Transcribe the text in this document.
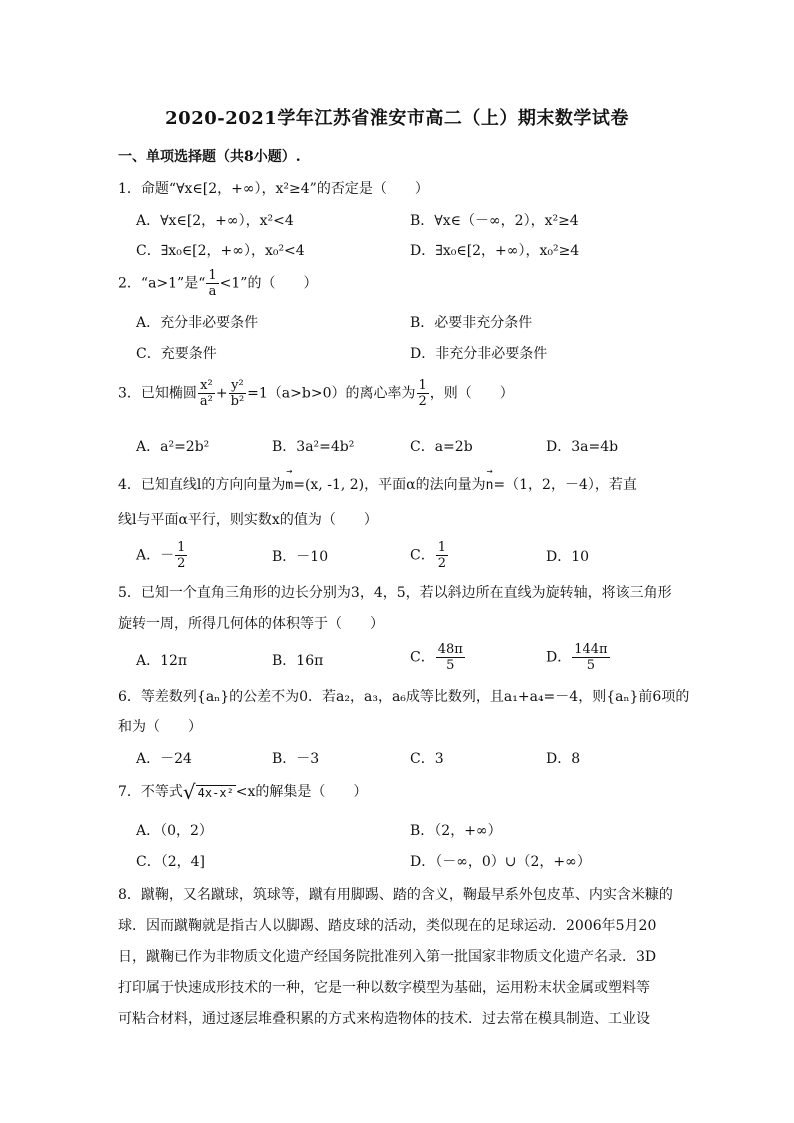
2020-2021学年江苏省淮安市高二（上）期末数学试卷
一、单项选择题（共8小题）.
1．命题“∀x∈[2，+∞），x²≥4”的否定是（　　）
A．∀x∈[2，+∞），x²<4	B．∀x∈（－∞，2），x²≥4
C．∃x₀∈[2，+∞），x₀²<4	D．∃x₀∈[2，+∞），x₀²≥4
2．“a>1”是“ $\frac{1}{a} <1$”的（　　）
A．充分非必要条件	B．必要非充分条件
C．充要条件	D．非充分非必要条件
3．已知椭圆 $\frac{\text{x²}}{\text{a²}} + \frac{\text{y²}}{\text{b²}} =1(a>b>0)$的离心率为 $\frac{1}{2}$ ，则（　　）
A．a²=2b²	B．3a²=4b²	C．a=2b	D．3a=4b
4．已知直线l的方向向量为
→
m=(x, -1, 2)，平面α的法向量为
→
n=（1，2，－4），若直
线l与平面α平行，则实数x的值为（　　）
A．－ $\frac{1}{2}$	B．－10	C． $\frac{1}{2}$	D．10
5．已知一个直角三角形的边长分别为3，4，5，若以斜边所在直线为旋转轴，将该三角形
旋转一周，所得几何体的体积等于（　　）
A．12π	B．16π	C． $\frac{48\pi}{5}$	D． $\frac{144\pi}{5}$
6．等差数列{aₙ}的公差不为0．若a₂，a₃，a₆成等比数列，且a₁+a₄=－4，则{aₙ}前6项的
和为（　　）
A．－24	B．－3	C．3	D．8
7．不等式√ 4x-x² <x的解集是（　　）
A．（0，2）	B．（2，+∞）
C．（2，4]	D．（－∞，0）∪（2，+∞）
8．蹴鞠，又名蹴球，筑球等，蹴有用脚踢、踏的含义，鞠最早系外包皮革、内实含米糠的
球．因而蹴鞠就是指古人以脚踢、踏皮球的活动，类似现在的足球运动．2006年5月20
日，蹴鞠已作为非物质文化遗产经国务院批准列入第一批国家非物质文化遗产名录．3D
打印属于快速成形技术的一种，它是一种以数字模型为基础，运用粉末状金属或塑料等
可粘合材料，通过逐层堆叠积累的方式来构造物体的技术．过去常在模具制造、工业设
